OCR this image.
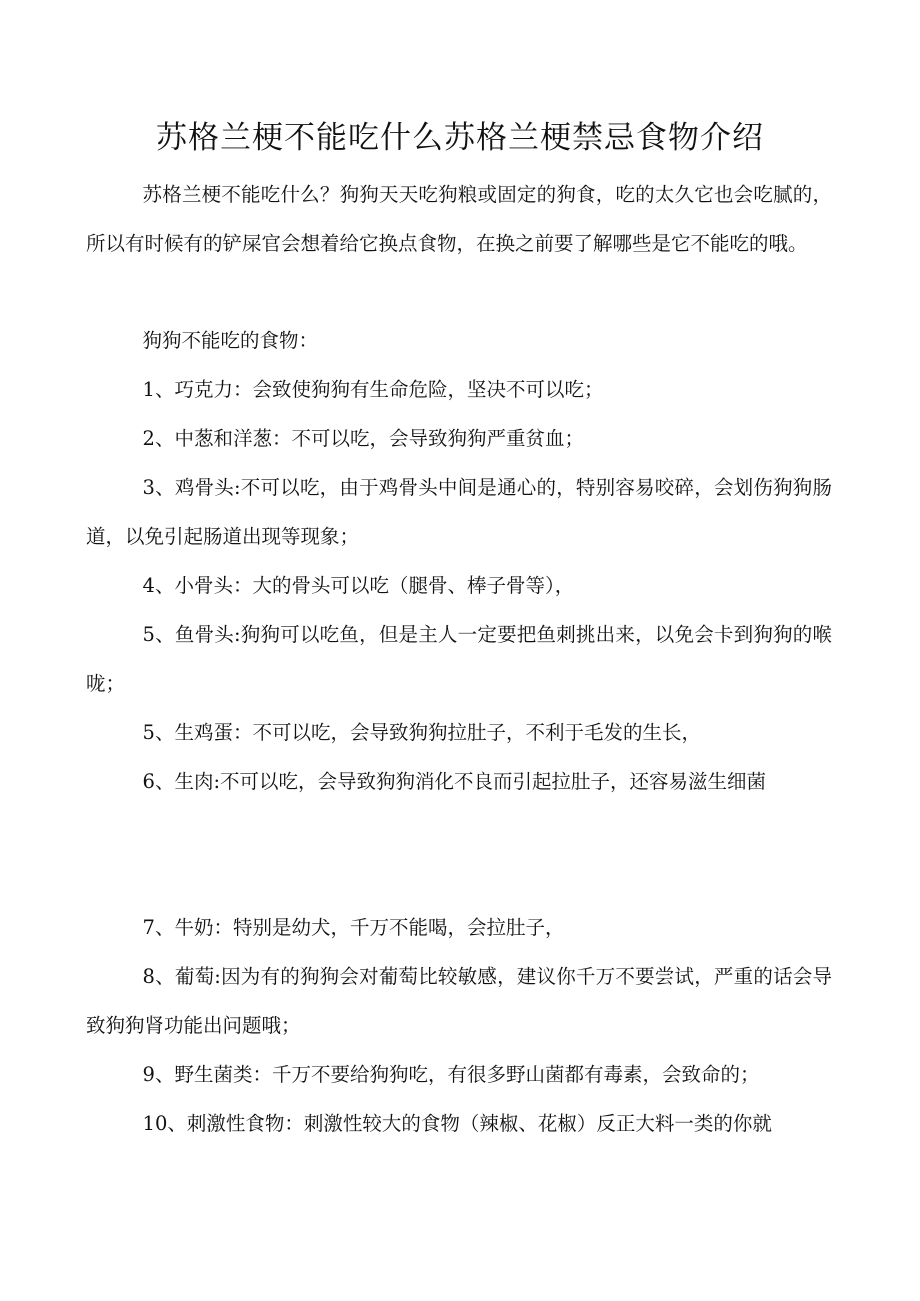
苏格兰梗不能吃什么苏格兰梗禁忌食物介绍

苏格兰梗不能吃什么？狗狗天天吃狗粮或固定的狗食，吃的太久它也会吃腻的，所以有时候有的铲屎官会想着给它换点食物，在换之前要了解哪些是它不能吃的哦。

狗狗不能吃的食物：

1、巧克力：会致使狗狗有生命危险，坚决不可以吃；

2、中葱和洋葱：不可以吃，会导致狗狗严重贫血；

3、鸡骨头:不可以吃，由于鸡骨头中间是通心的，特别容易咬碎，会划伤狗狗肠道，以免引起肠道出现等现象；

4、小骨头：大的骨头可以吃（腿骨、棒子骨等），

5、鱼骨头:狗狗可以吃鱼，但是主人一定要把鱼刺挑出来，以免会卡到狗狗的喉咙；

5、生鸡蛋：不可以吃，会导致狗狗拉肚子，不利于毛发的生长，

6、生肉:不可以吃，会导致狗狗消化不良而引起拉肚子，还容易滋生细菌

7、牛奶：特别是幼犬，千万不能喝，会拉肚子，

8、葡萄:因为有的狗狗会对葡萄比较敏感，建议你千万不要尝试，严重的话会导致狗狗肾功能出问题哦；

9、野生菌类：千万不要给狗狗吃，有很多野山菌都有毒素，会致命的；

10、刺激性食物：刺激性较大的食物（辣椒、花椒）反正大料一类的你就
